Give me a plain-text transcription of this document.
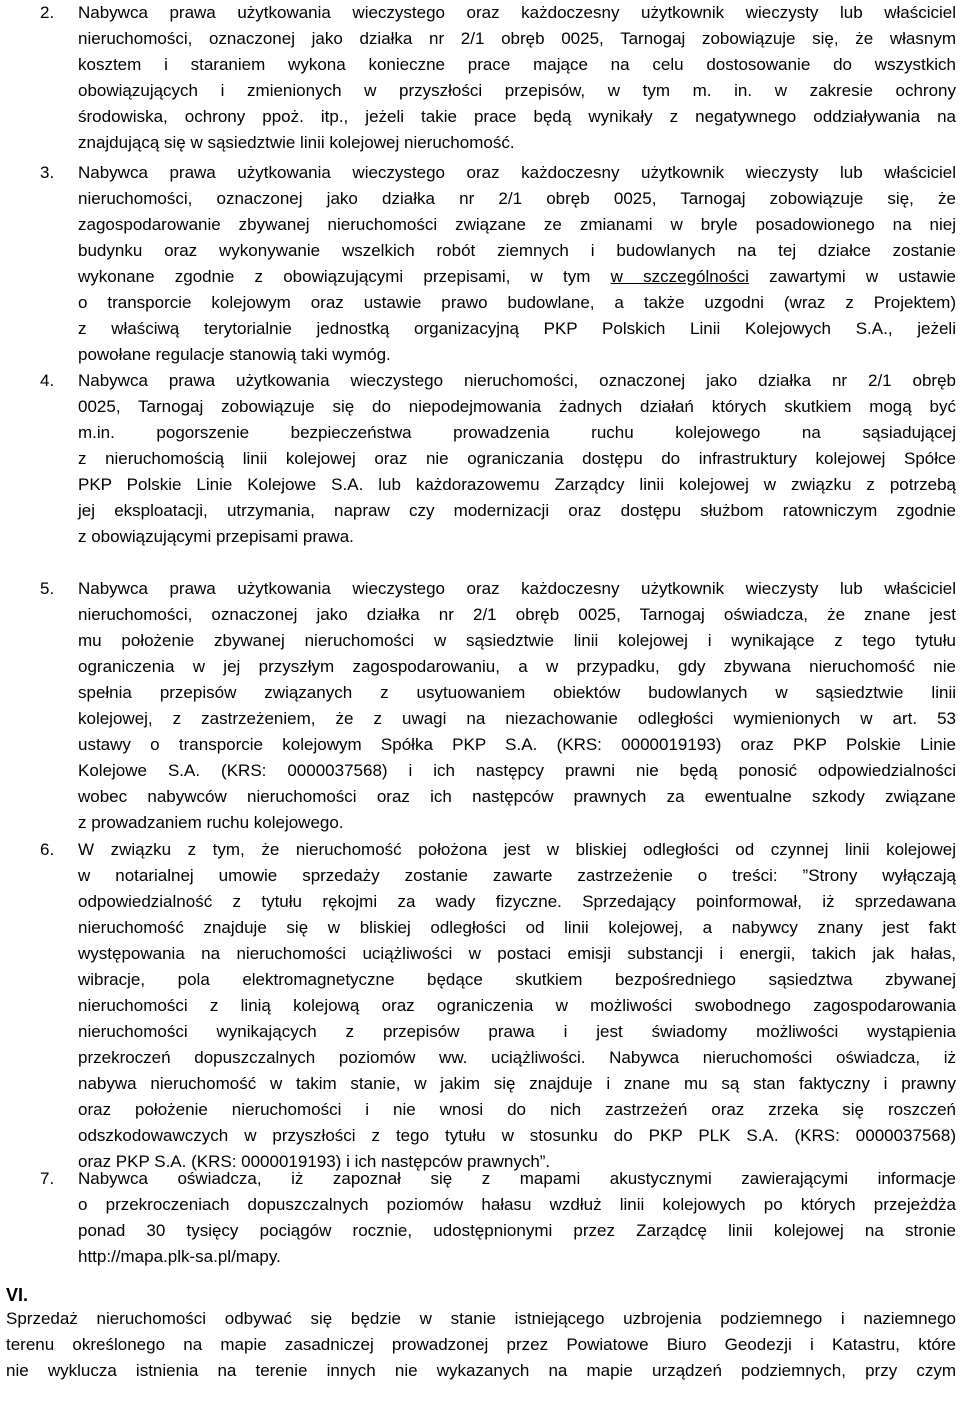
2. Nabywca prawa użytkowania wieczystego oraz każdoczesny użytkownik wieczysty lub właściciel
nieruchomości, oznaczonej jako działka nr 2/1 obręb 0025, Tarnogaj zobowiązuje się, że własnym
kosztem i staraniem wykona konieczne prace mające na celu dostosowanie do wszystkich
obowiązujących i zmienionych w przyszłości przepisów, w tym m. in. w zakresie ochrony
środowiska, ochrony ppoż. itp., jeżeli takie prace będą wynikały z negatywnego oddziaływania na
znajdującą się w sąsiedztwie linii kolejowej nieruchomość.
3. Nabywca prawa użytkowania wieczystego oraz każdoczesny użytkownik wieczysty lub właściciel
nieruchomości, oznaczonej jako działka nr 2/1 obręb 0025, Tarnogaj zobowiązuje się, że
zagospodarowanie zbywanej nieruchomości związane ze zmianami w bryle posadowionego na niej
budynku oraz wykonywanie wszelkich robót ziemnych i budowlanych na tej działce zostanie
wykonane zgodnie z obowiązującymi przepisami, w tym w szczególności zawartymi w ustawie
o transporcie kolejowym oraz ustawie prawo budowlane, a także uzgodni (wraz z Projektem)
z właściwą terytorialnie jednostką organizacyjną PKP Polskich Linii Kolejowych S.A., jeżeli
powołane regulacje stanowią taki wymóg.
4. Nabywca prawa użytkowania wieczystego nieruchomości, oznaczonej jako działka nr 2/1 obręb
0025, Tarnogaj zobowiązuje się do niepodejmowania żadnych działań których skutkiem mogą być
m.in. pogorszenie bezpieczeństwa prowadzenia ruchu kolejowego na sąsiadującej
z nieruchomością linii kolejowej oraz nie ograniczania dostępu do infrastruktury kolejowej Spółce
PKP Polskie Linie Kolejowe S.A. lub każdorazowemu Zarządcy linii kolejowej w związku z potrzebą
jej eksploatacji, utrzymania, napraw czy modernizacji oraz dostępu służbom ratowniczym zgodnie
z obowiązującymi przepisami prawa.
5. Nabywca prawa użytkowania wieczystego oraz każdoczesny użytkownik wieczysty lub właściciel
nieruchomości, oznaczonej jako działka nr 2/1 obręb 0025, Tarnogaj oświadcza, że znane jest
mu położenie zbywanej nieruchomości w sąsiedztwie linii kolejowej i wynikające z tego tytułu
ograniczenia w jej przyszłym zagospodarowaniu, a w przypadku, gdy zbywana nieruchomość nie
spełnia przepisów związanych z usytuowaniem obiektów budowlanych w sąsiedztwie linii
kolejowej, z zastrzeżeniem, że z uwagi na niezachowanie odległości wymienionych w art. 53
ustawy o transporcie kolejowym Spółka PKP S.A. (KRS: 0000019193) oraz PKP Polskie Linie
Kolejowe S.A. (KRS: 0000037568) i ich następcy prawni nie będą ponosić odpowiedzialności
wobec nabywców nieruchomości oraz ich następców prawnych za ewentualne szkody związane
z prowadzaniem ruchu kolejowego.
6. W związku z tym, że nieruchomość położona jest w bliskiej odległości od czynnej linii kolejowej
w notarialnej umowie sprzedaży zostanie zawarte zastrzeżenie o treści: ”Strony wyłączają
odpowiedzialność z tytułu rękojmi za wady fizyczne. Sprzedający poinformował, iż sprzedawana
nieruchomość znajduje się w bliskiej odległości od linii kolejowej, a nabywcy znany jest fakt
występowania na nieruchomości uciążliwości w postaci emisji substancji i energii, takich jak hałas,
wibracje, pola elektromagnetyczne będące skutkiem bezpośredniego sąsiedztwa zbywanej
nieruchomości z linią kolejową oraz ograniczenia w możliwości swobodnego zagospodarowania
nieruchomości wynikających z przepisów prawa i jest świadomy możliwości wystąpienia
przekroczeń dopuszczalnych poziomów ww. uciążliwości. Nabywca nieruchomości oświadcza, iż
nabywa nieruchomość w takim stanie, w jakim się znajduje i znane mu są stan faktyczny i prawny
oraz położenie nieruchomości i nie wnosi do nich zastrzeżeń oraz zrzeka się roszczeń
odszkodowawczych w przyszłości z tego tytułu w stosunku do PKP PLK S.A. (KRS: 0000037568)
oraz PKP S.A. (KRS: 0000019193) i ich następców prawnych”.
7. Nabywca oświadcza, iż zapoznał się z mapami akustycznymi zawierającymi informacje
o przekroczeniach dopuszczalnych poziomów hałasu wzdłuż linii kolejowych po których przejeżdża
ponad 30 tysięcy pociągów rocznie, udostępnionymi przez Zarządcę linii kolejowej na stronie
http://mapa.plk-sa.pl/mapy.
VI.
Sprzedaż nieruchomości odbywać się będzie w stanie istniejącego uzbrojenia podziemnego i naziemnego
terenu określonego na mapie zasadniczej prowadzonej przez Powiatowe Biuro Geodezji i Katastru, które
nie wyklucza istnienia na terenie innych nie wykazanych na mapie urządzeń podziemnych, przy czym
